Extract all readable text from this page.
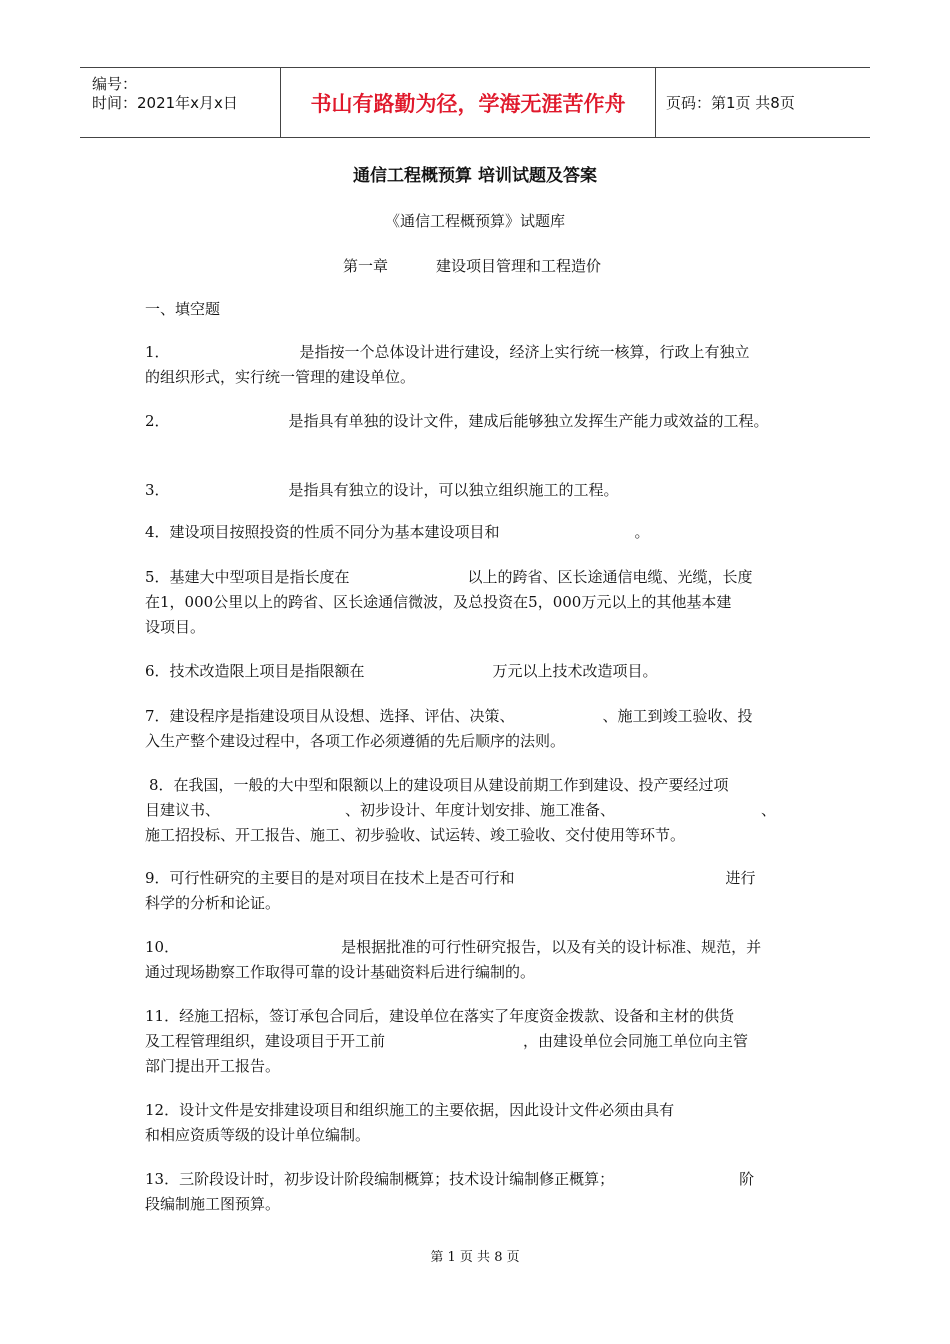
编号：
时间：2021年x月x日	书山有路勤为径，学海无涯苦作舟	页码：第1页 共8页
通信工程概预算 培训试题及答案
《通信工程概预算》试题库
第一章	建设项目管理和工程造价
一、填空题
1．	是指按一个总体设计进行建设，经济上实行统一核算，行政上有独立
的组织形式，实行统一管理的建设单位。
2．	是指具有单独的设计文件，建成后能够独立发挥生产能力或效益的工程。
3．	是指具有独立的设计，可以独立组织施工的工程。
4．建设项目按照投资的性质不同分为基本建设项目和	。
5．基建大中型项目是指长度在	以上的跨省、区长途通信电缆、光缆，长度
在1，000公里以上的跨省、区长途通信微波，及总投资在5，000万元以上的其他基本建
设项目。
6．技术改造限上项目是指限额在	万元以上技术改造项目。
7．建设程序是指建设项目从设想、选择、评估、决策、	、施工到竣工验收、投
入生产整个建设过程中，各项工作必须遵循的先后顺序的法则。
8．在我国，一般的大中型和限额以上的建设项目从建设前期工作到建设、投产要经过项
目建议书、	、初步设计、年度计划安排、施工准备、	、
施工招投标、开工报告、施工、初步验收、试运转、竣工验收、交付使用等环节。
9．可行性研究的主要目的是对项目在技术上是否可行和	进行
科学的分析和论证。
10．	是根据批准的可行性研究报告，以及有关的设计标准、规范，并
通过现场勘察工作取得可靠的设计基础资料后进行编制的。
11．经施工招标，签订承包合同后，建设单位在落实了年度资金拨款、设备和主材的供货
及工程管理组织，建设项目于开工前	，由建设单位会同施工单位向主管
部门提出开工报告。
12．设计文件是安排建设项目和组织施工的主要依据，因此设计文件必须由具有
和相应资质等级的设计单位编制。
13．三阶段设计时，初步设计阶段编制概算；技术设计编制修正概算；	阶
段编制施工图预算。
第 1 页 共 8 页
